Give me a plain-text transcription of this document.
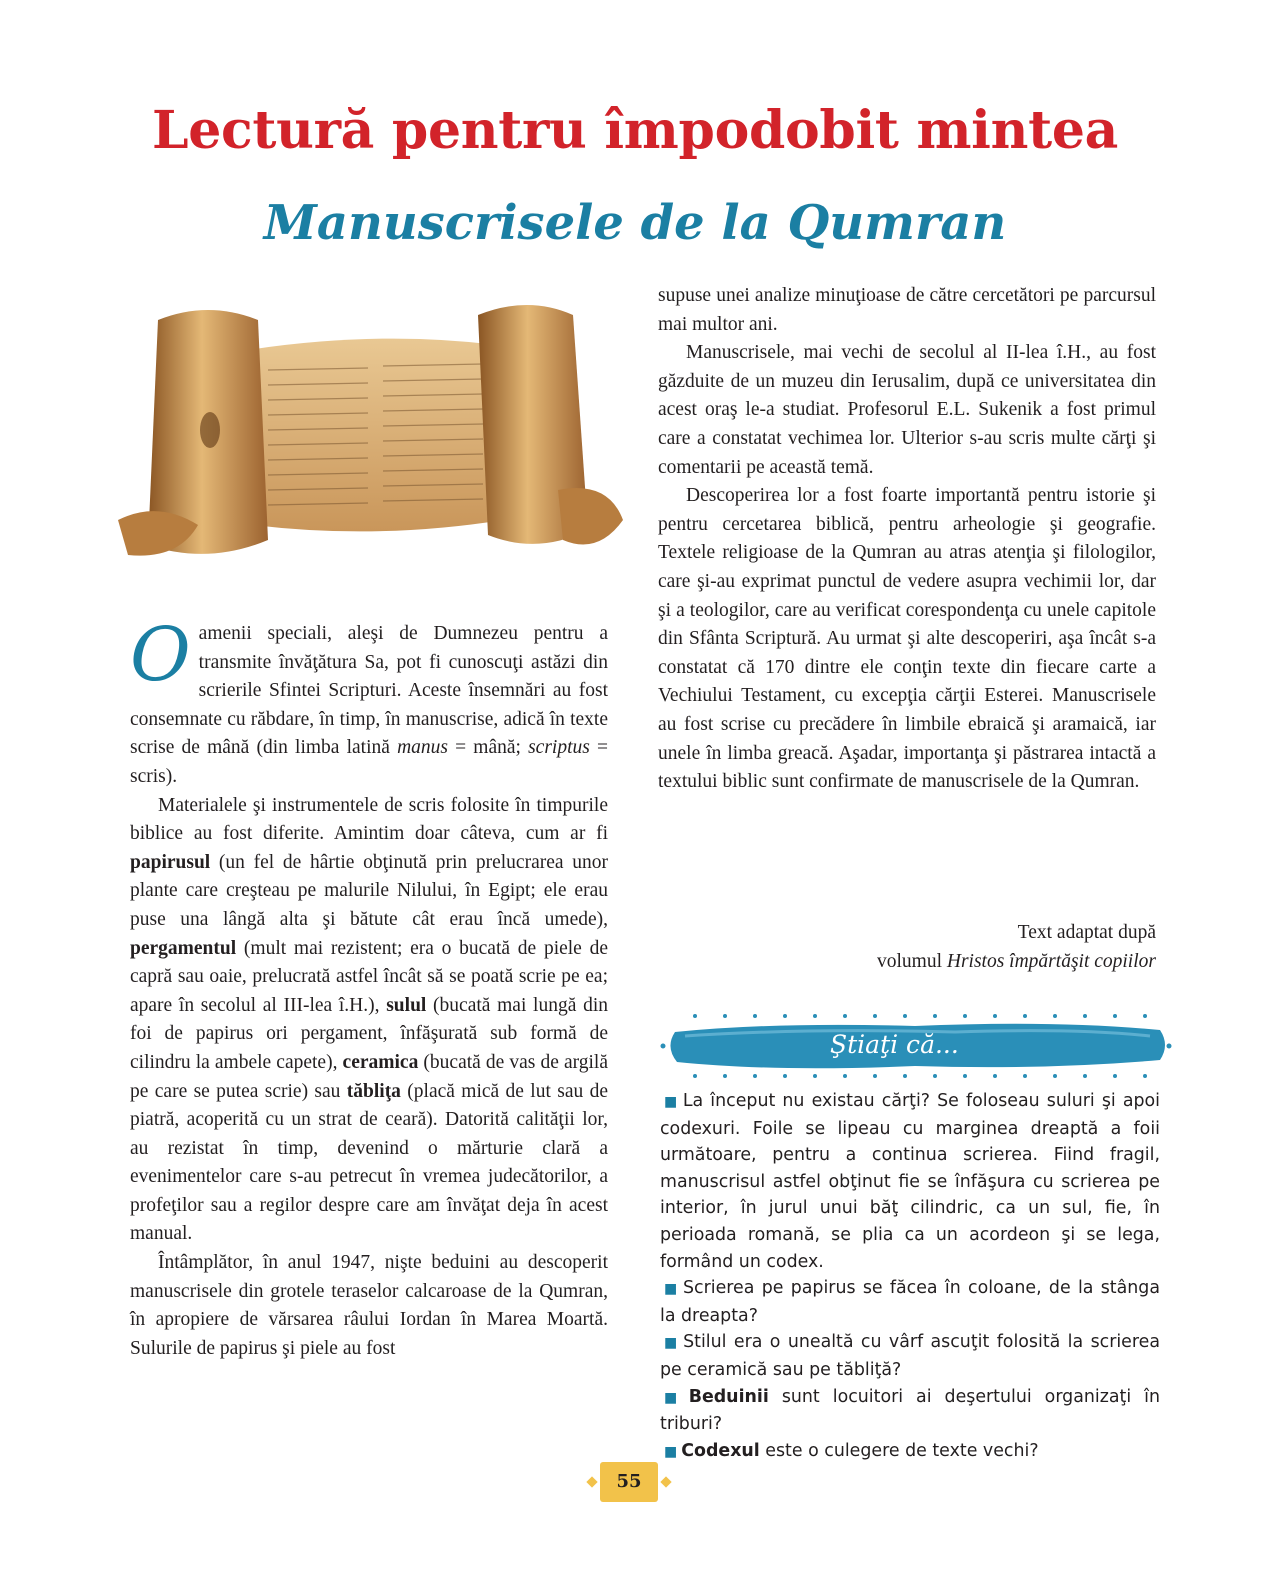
Lectură pentru împodobit mintea
Manuscrisele de la Qumran

Oamenii speciali, aleşi de Dumnezeu pentru a transmite învăţătura Sa, pot fi cunoscuţi astăzi din scrierile Sfintei Scripturi. Aceste însemnări au fost consemnate cu răbdare, în timp, în manuscrise, adică în texte scrise de mână (din limba latină manus = mână; scriptus = scris).

Materialele şi instrumentele de scris folosite în timpurile biblice au fost diferite. Amintim doar câteva, cum ar fi papirusul (un fel de hârtie obţinută prin prelucrarea unor plante care creşteau pe malurile Nilului, în Egipt; ele erau puse una lângă alta şi bătute cât erau încă umede), pergamentul (mult mai rezistent; era o bucată de piele de capră sau oaie, prelucrată astfel încât să se poată scrie pe ea; apare în secolul al III-lea î.H.), sulul (bucată mai lungă din foi de papirus ori pergament, înfăşurată sub formă de cilindru la ambele capete), ceramica (bucată de vas de argilă pe care se putea scrie) sau tăbliţa (placă mică de lut sau de piatră, acoperită cu un strat de ceară). Datorită calităţii lor, au rezistat în timp, devenind o mărturie clară a evenimentelor care s-au petrecut în vremea judecătorilor, a profeţilor sau a regilor despre care am învăţat deja în acest manual.

Întâmplător, în anul 1947, nişte beduini au descoperit manuscrisele din grotele teraselor calcaroase de la Qumran, în apropiere de vărsarea râului Iordan în Marea Moartă. Sulurile de papirus şi piele au fost

supuse unei analize minuţioase de către cercetători pe parcursul mai multor ani.

Manuscrisele, mai vechi de secolul al II-lea î.H., au fost găzduite de un muzeu din Ierusalim, după ce universitatea din acest oraş le-a studiat. Profesorul E.L. Sukenik a fost primul care a constatat vechimea lor. Ulterior s-au scris multe cărţi şi comentarii pe această temă.

Descoperirea lor a fost foarte importantă pentru istorie şi pentru cercetarea biblică, pentru arheologie şi geografie. Textele religioase de la Qumran au atras atenţia şi filologilor, care şi-au exprimat punctul de vedere asupra vechimii lor, dar şi a teologilor, care au verificat corespondenţa cu unele capitole din Sfânta Scriptură. Au urmat şi alte descoperiri, aşa încât s-a constatat că 170 dintre ele conţin texte din fiecare carte a Vechiului Testament, cu excepţia cărţii Esterei. Manuscrisele au fost scrise cu precădere în limbile ebraică şi aramaică, iar unele în limba greacă. Aşadar, importanţa şi păstrarea intactă a textului biblic sunt confirmate de manuscrisele de la Qumran.

Text adaptat după
volumul Hristos împărtăşit copiilor
Ştiaţi că...

■ La început nu existau cărţi? Se foloseau suluri şi apoi codexuri. Foile se lipeau cu marginea dreaptă a foii următoare, pentru a continua scrierea. Fiind fragil, manuscrisul astfel obţinut fie se înfăşura cu scrierea pe interior, în jurul unui băţ cilindric, ca un sul, fie, în perioada romană, se plia ca un acordeon şi se lega, formând un codex.

■ Scrierea pe papirus se făcea în coloane, de la stânga la dreapta?

■ Stilul era o unealtă cu vârf ascuţit folosită la scrierea pe ceramică sau pe tăbliţă?

■ Beduinii sunt locuitori ai deşertului organizaţi în triburi?

■ Codexul este o culegere de texte vechi?

55
